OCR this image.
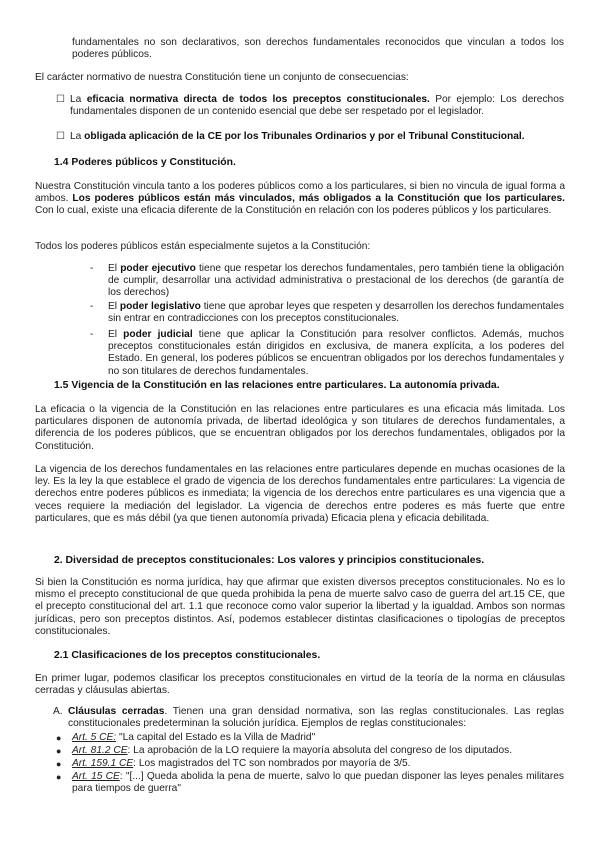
fundamentales no son declarativos, son derechos fundamentales reconocidos que vinculan a todos los poderes públicos.

El carácter normativo de nuestra Constitución tiene un conjunto de consecuencias:

☐ La eficacia normativa directa de todos los preceptos constitucionales. Por ejemplo: Los derechos fundamentales disponen de un contenido esencial que debe ser respetado por el legislador.
☐ La obligada aplicación de la CE por los Tribunales Ordinarios y por el Tribunal Constitucional.
1.4 Poderes públicos y Constitución.

Nuestra Constitución vincula tanto a los poderes públicos como a los particulares, si bien no vincula de igual forma a ambos. Los poderes públicos están más vinculados, más obligados a la Constitución que los particulares. Con lo cual, existe una eficacia diferente de la Constitución en relación con los poderes públicos y los particulares.

Todos los poderes públicos están especialmente sujetos a la Constitución:

- El poder ejecutivo tiene que respetar los derechos fundamentales, pero también tiene la obligación de cumplir, desarrollar una actividad administrativa o prestacional de los derechos (de garantía de los derechos)
- El poder legislativo tiene que aprobar leyes que respeten y desarrollen los derechos fundamentales sin entrar en contradicciones con los preceptos constitucionales.
- El poder judicial tiene que aplicar la Constitución para resolver conflictos. Además, muchos preceptos constitucionales están dirigidos en exclusiva, de manera explícita, a los poderes del Estado. En general, los poderes públicos se encuentran obligados por los derechos fundamentales y no son titulares de derechos fundamentales.
1.5 Vigencia de la Constitución en las relaciones entre particulares. La autonomía privada.

La eficacia o la vigencia de la Constitución en las relaciones entre particulares es una eficacia más limitada. Los particulares disponen de autonomía privada, de libertad ideológica y son titulares de derechos fundamentales, a diferencia de los poderes públicos, que se encuentran obligados por los derechos fundamentales, obligados por la Constitución.

La vigencia de los derechos fundamentales en las relaciones entre particulares depende en muchas ocasiones de la ley. Es la ley la que establece el grado de vigencia de los derechos fundamentales entre particulares: La vigencia de derechos entre poderes públicos es inmediata; la vigencia de los derechos entre particulares es una vigencia que a veces requiere la mediación del legislador. La vigencia de derechos entre poderes es más fuerte que entre particulares, que es más débil (ya que tienen autonomía privada) Eficacia plena y eficacia debilitada.

2. Diversidad de preceptos constitucionales: Los valores y principios constitucionales.

Si bien la Constitución es norma jurídica, hay que afirmar que existen diversos preceptos constitucionales. No es lo mismo el precepto constitucional de que queda prohibida la pena de muerte salvo caso de guerra del art.15 CE, que el precepto constitucional del art. 1.1 que reconoce como valor superior la libertad y la igualdad. Ambos son normas jurídicas, pero son preceptos distintos. Así, podemos establecer distintas clasificaciones o tipologías de preceptos constitucionales.

2.1 Clasificaciones de los preceptos constitucionales.

En primer lugar, podemos clasificar los preceptos constitucionales en virtud de la teoría de la norma en cláusulas cerradas y cláusulas abiertas.

A. Cláusulas cerradas. Tienen una gran densidad normativa, son las reglas constitucionales. Las reglas constitucionales predeterminan la solución jurídica. Ejemplos de reglas constitucionales:
● Art. 5 CE: "La capital del Estado es la Villa de Madrid"
● Art. 81.2 CE: La aprobación de la LO requiere la mayoría absoluta del congreso de los diputados.
● Art. 159.1 CE: Los magistrados del TC son nombrados por mayoría de 3/5.
● Art. 15 CE: "[...] Queda abolida la pena de muerte, salvo lo que puedan disponer las leyes penales militares para tiempos de guerra"
